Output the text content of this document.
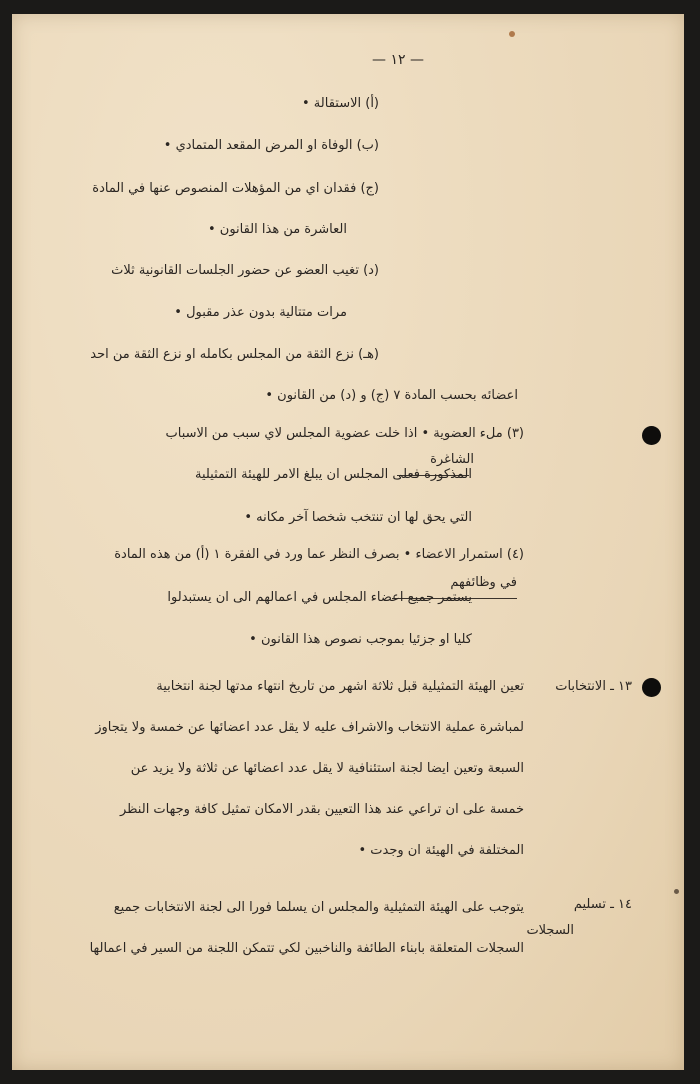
— ١٢ —
(أ) الاستقالة •
(ب) الوفاة او المرض المقعد المتمادي •
(ج) فقدان اي من المؤهلات المنصوص عنها في المادة
العاشرة من هذا القانون •
(د) تغيب العضو عن حضور الجلسات القانونية ثلاث
مرات متتالية بدون عذر مقبول •
(هـ) نزع الثقة من المجلس بكامله او نزع الثقة من احد
اعضائه بحسب المادة ٧ (ج) و (د) من القانون •
(٣) ملء العضوية • اذا خلت عضوية المجلس لاي سبب من الاسباب
الشاغرة
المذكورة فعلى المجلس ان يبلغ الامر للهيئة التمثيلية
التي يحق لها ان تنتخب شخصا آخر مكانه •
(٤) استمرار الاعضاء • بصرف النظر عما ورد في الفقرة ١ (أ) من هذه المادة
في وظائفهم
يستمر جميع اعضاء المجلس في اعمالهم الى ان يستبدلوا
كليا او جزئيا بموجب نصوص هذا القانون •
١٣ ـ الانتخابات
تعين الهيئة التمثيلية قبل ثلاثة اشهر من تاريخ انتهاء مدتها لجنة انتخابية
لمباشرة عملية الانتخاب والاشراف عليه لا يقل عدد اعضائها عن خمسة ولا يتجاوز
السبعة وتعين ايضا لجنة استئنافية لا يقل عدد اعضائها عن ثلاثة ولا يزيد عن
خمسة على ان تراعي عند هذا التعيين بقدر الامكان تمثيل كافة وجهات النظر
المختلفة في الهيئة ان وجدت •
١٤ ـ تسليم
السجلات
يتوجب على الهيئة التمثيلية والمجلس ان يسلما فورا الى لجنة الانتخابات جميع
السجلات المتعلقة بابناء الطائفة والناخبين لكي تتمكن اللجنة من السير في اعمالها
